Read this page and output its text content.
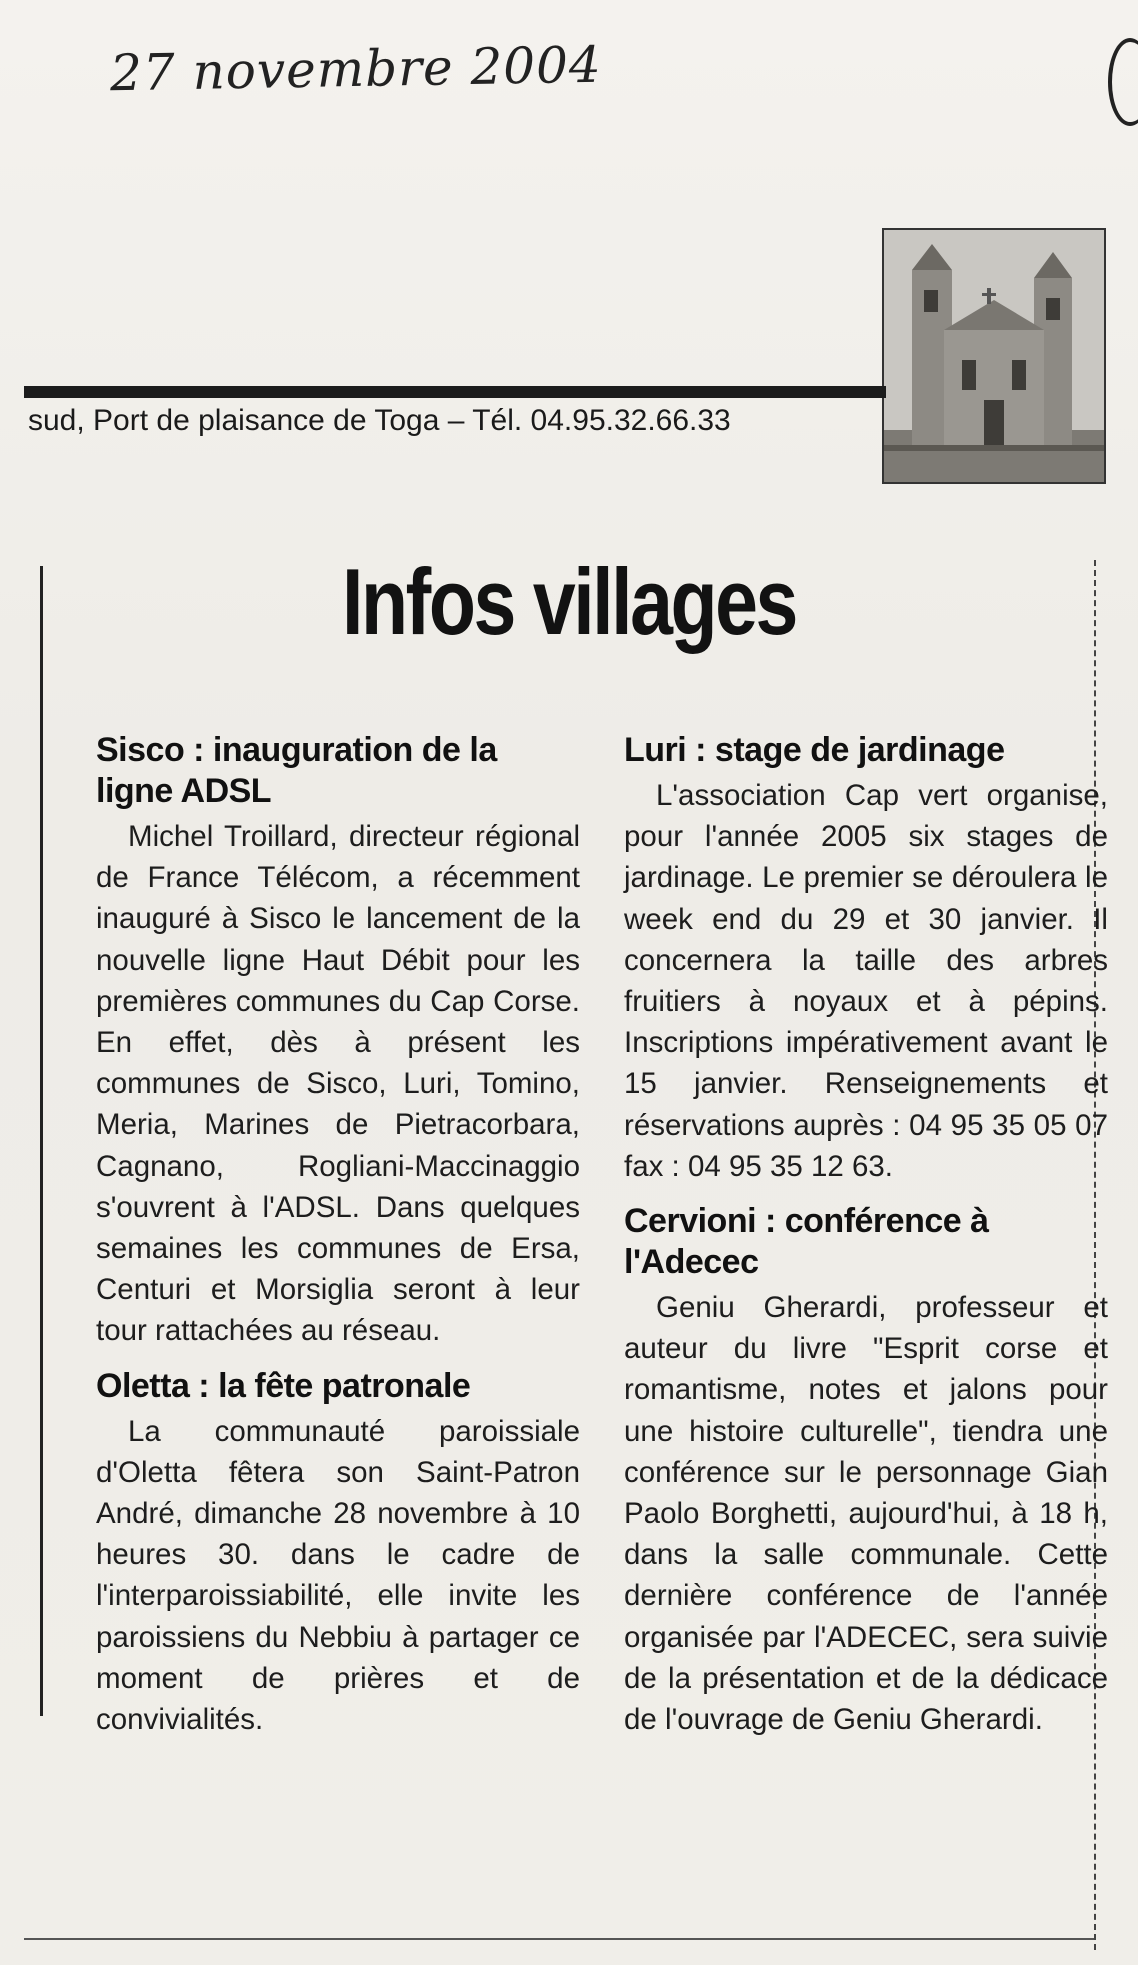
27 novembre 2004
sud, Port de plaisance de Toga – Tél. 04.95.32.66.33
Infos villages
Sisco : inauguration de la ligne ADSL

Michel Troillard, directeur régional de France Télécom, a récemment inauguré à Sisco le lancement de la nouvelle ligne Haut Débit pour les premières communes du Cap Corse. En effet, dès à présent les communes de Sisco, Luri, Tomino, Meria, Marines de Pietracorbara, Cagnano, Rogliani-Maccinaggio s'ouvrent à l'ADSL. Dans quelques semaines les communes de Ersa, Centuri et Morsiglia seront à leur tour rattachées au réseau.

Oletta : la fête patronale

La communauté paroissiale d'Oletta fêtera son Saint-Patron André, dimanche 28 novembre à 10 heures 30. dans le cadre de l'interparoissiabilité, elle invite les paroissiens du Nebbiu à partager ce moment de prières et de convivialités.

Luri : stage de jardinage

L'association Cap vert organise, pour l'année 2005 six stages de jardinage. Le premier se déroulera le week end du 29 et 30 janvier. Il concernera la taille des arbres fruitiers à noyaux et à pépins. Inscriptions impérativement avant le 15 janvier. Renseignements et réservations auprès : 04 95 35 05 07 fax : 04 95 35 12 63.

Cervioni : conférence à l'Adecec

Geniu Gherardi, professeur et auteur du livre "Esprit corse et romantisme, notes et jalons pour une histoire culturelle", tiendra une conférence sur le personnage Gian Paolo Borghetti, aujourd'hui, à 18 h, dans la salle communale. Cette dernière conférence de l'année organisée par l'ADECEC, sera suivie de la présentation et de la dédicace de l'ouvrage de Geniu Gherardi.
